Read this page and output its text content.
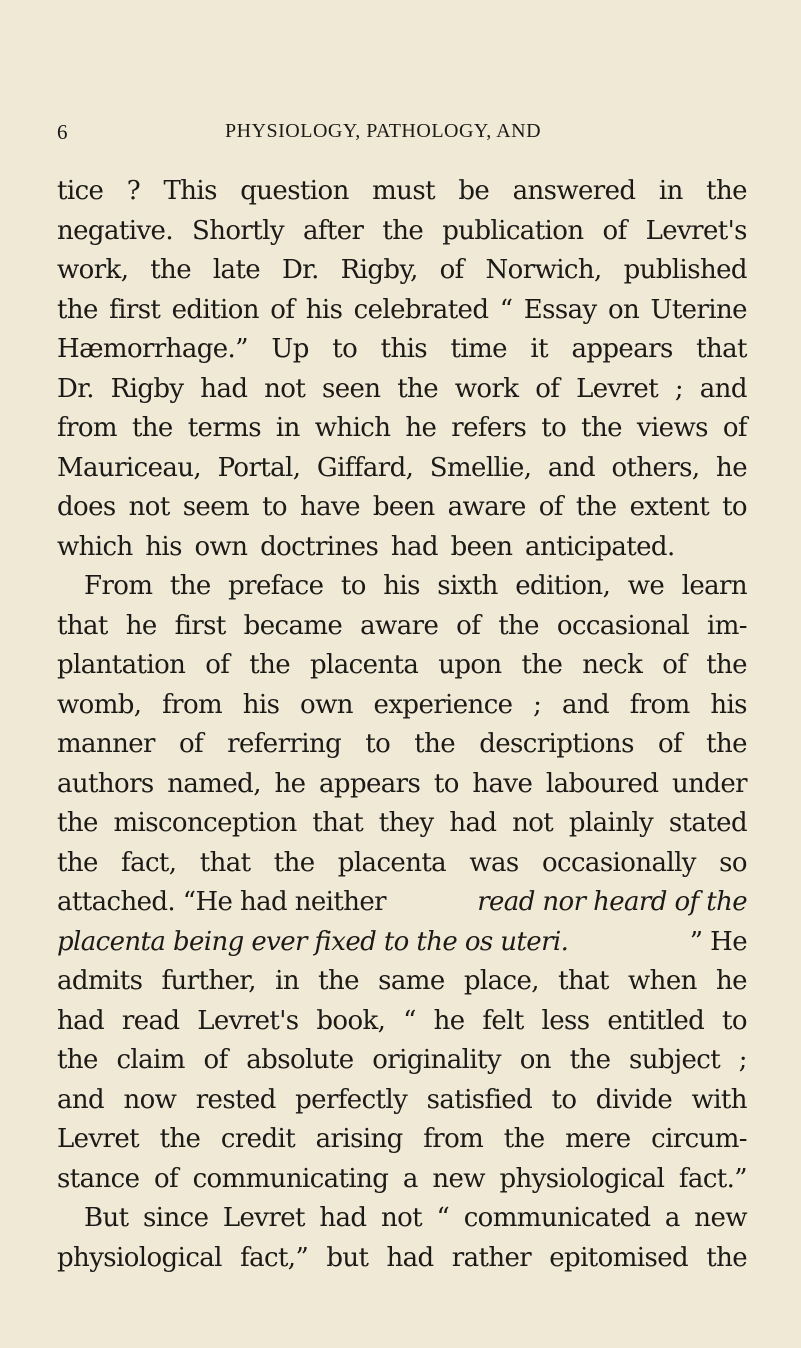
6	PHYSIOLOGY, PATHOLOGY, AND
tice ? This question must be answered in the
negative. Shortly after the publication of Levret's
work, the late Dr. Rigby, of Norwich, published
the first edition of his celebrated “ Essay on Uterine
Hæmorrhage.” Up to this time it appears that
Dr. Rigby had not seen the work of Levret ; and
from the terms in which he refers to the views of
Mauriceau, Portal, Giffard, Smellie, and others, he
does not seem to have been aware of the extent to
which his own doctrines had been anticipated.
From the preface to his sixth edition, we learn
that he first became aware of the occasional im-
plantation of the placenta upon the neck of the
womb, from his own experience ; and from his
manner of referring to the descriptions of the
authors named, he appears to have laboured under
the misconception that they had not plainly stated
the fact, that the placenta was occasionally so
attached. “He had neither	read nor heard of the
placenta being ever fixed to the os uteri.	” He
admits further, in the same place, that when he
had read Levret's book, “ he felt less entitled to
the claim of absolute originality on the subject ;
and now rested perfectly satisfied to divide with
Levret the credit arising from the mere circum-
stance of communicating a new physiological fact.”
But since Levret had not “ communicated a new
physiological fact,” but had rather epitomised the
